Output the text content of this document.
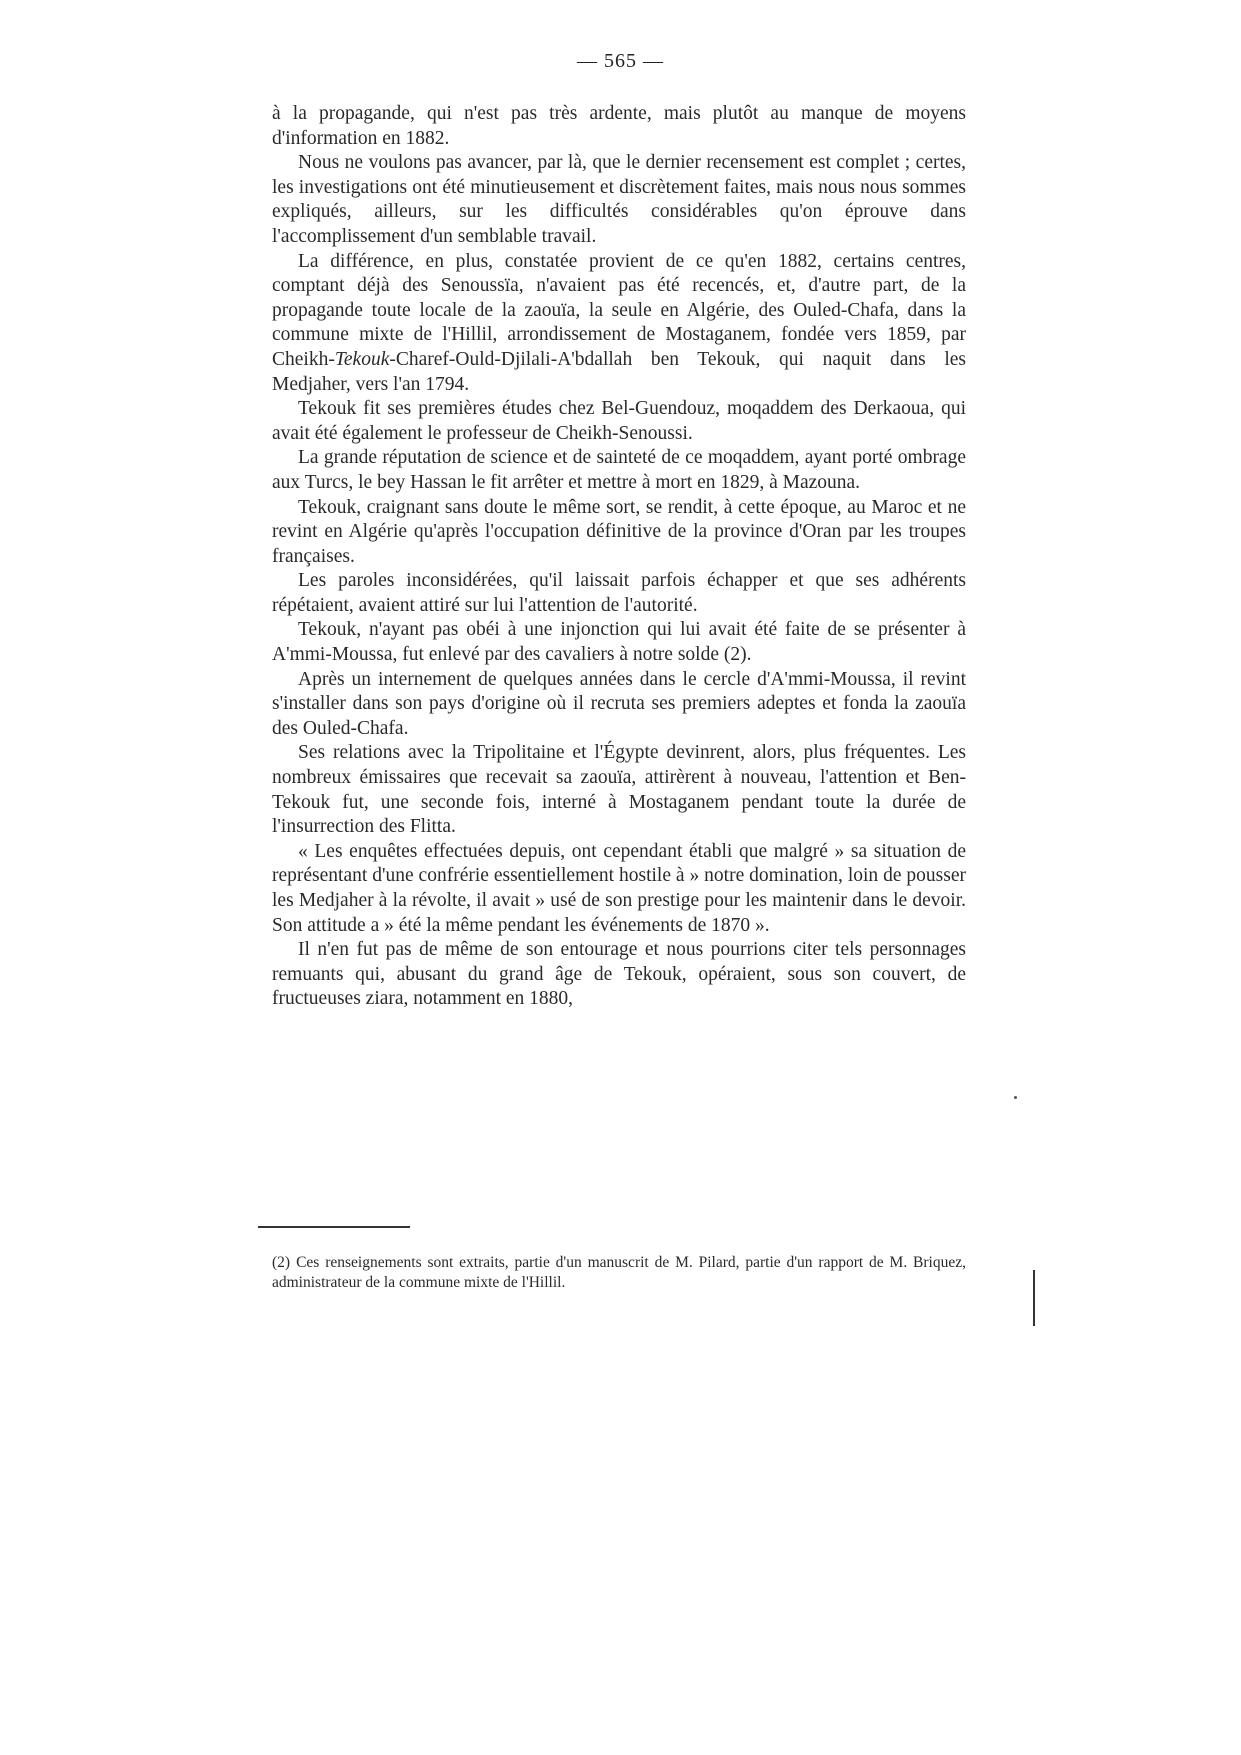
— 565 —

à la propagande, qui n'est pas très ardente, mais plutôt au manque de moyens d'information en 1882.

Nous ne voulons pas avancer, par là, que le dernier recensement est complet ; certes, les investigations ont été minutieusement et discrètement faites, mais nous nous sommes expliqués, ailleurs, sur les difficultés considérables qu'on éprouve dans l'accomplissement d'un semblable travail.

La différence, en plus, constatée provient de ce qu'en 1882, certains centres, comptant déjà des Senoussïa, n'avaient pas été recencés, et, d'autre part, de la propagande toute locale de la zaouïa, la seule en Algérie, des Ouled-Chafa, dans la commune mixte de l'Hillil, arrondissement de Mostaganem, fondée vers 1859, par Cheikh-Tekouk-Charef-Ould-Djilali-A'bdallah ben Tekouk, qui naquit dans les Medjaher, vers l'an 1794.

Tekouk fit ses premières études chez Bel-Guendouz, moqaddem des Derkaoua, qui avait été également le professeur de Cheikh-Senoussi.

La grande réputation de science et de sainteté de ce moqaddem, ayant porté ombrage aux Turcs, le bey Hassan le fit arrêter et mettre à mort en 1829, à Mazouna.

Tekouk, craignant sans doute le même sort, se rendit, à cette époque, au Maroc et ne revint en Algérie qu'après l'occupation définitive de la province d'Oran par les troupes françaises.

Les paroles inconsidérées, qu'il laissait parfois échapper et que ses adhérents répétaient, avaient attiré sur lui l'attention de l'autorité.

Tekouk, n'ayant pas obéi à une injonction qui lui avait été faite de se présenter à A'mmi-Moussa, fut enlevé par des cavaliers à notre solde (2).

Après un internement de quelques années dans le cercle d'A'mmi-Moussa, il revint s'installer dans son pays d'origine où il recruta ses premiers adeptes et fonda la zaouïa des Ouled-Chafa.

Ses relations avec la Tripolitaine et l'Égypte devinrent, alors, plus fréquentes. Les nombreux émissaires que recevait sa zaouïa, attirèrent à nouveau, l'attention et Ben-Tekouk fut, une seconde fois, interné à Mostaganem pendant toute la durée de l'insurrection des Flitta.

« Les enquêtes effectuées depuis, ont cependant établi que malgré » sa situation de représentant d'une confrérie essentiellement hostile à » notre domination, loin de pousser les Medjaher à la révolte, il avait » usé de son prestige pour les maintenir dans le devoir. Son attitude a » été la même pendant les événements de 1870 ».

Il n'en fut pas de même de son entourage et nous pourrions citer tels personnages remuants qui, abusant du grand âge de Tekouk, opéraient, sous son couvert, de fructueuses ziara, notamment en 1880,

(2) Ces renseignements sont extraits, partie d'un manuscrit de M. Pilard, partie d'un rapport de M. Briquez, administrateur de la commune mixte de l'Hillil.
